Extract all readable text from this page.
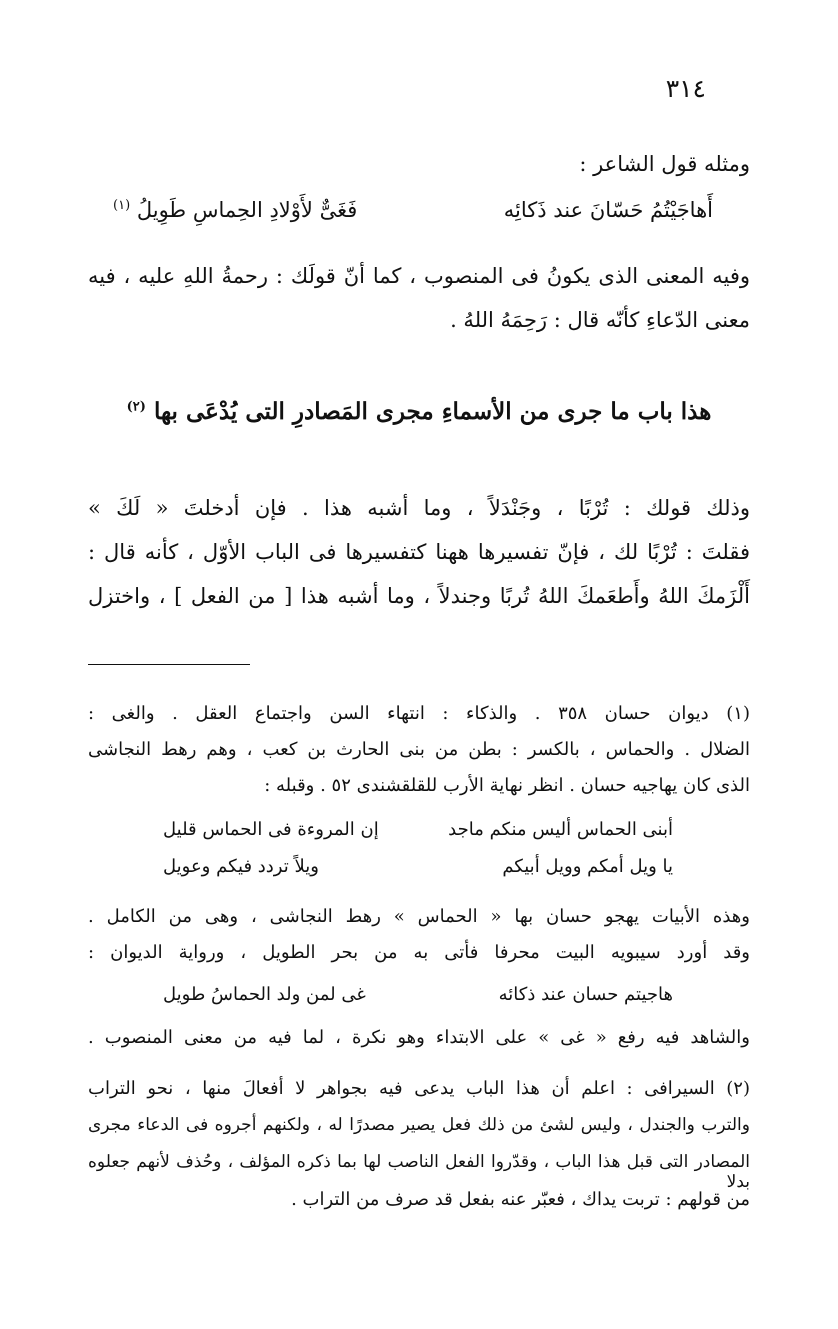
٣١٤
ومثله قول الشاعر :
أَهاجَيْتُمُ حَسّانَ عند ذَكائِه
فَغَىٌّ لأَوْلادِ الحِماسِ طَوِيلُ $^{(١)}$
وفيه المعنى الذى يكونُ فى المنصوب ، كما أنّ قولَك : رحمةُ اللهِ عليه ، فيه
معنى الدّعاءِ كأنّه قال : رَحِمَهُ اللهُ .
هذا باب ما جرى من الأسماءِ مجرى المَصادرِ التى يُدْعَى بها $^{(٢)}$
وذلك قولك : تُرْبًا ، وجَنْدَلاً ، وما أشبه هذا . فإن أدخلتَ « لَكَ »
فقلتَ : تُرْبًا لك ، فإنّ تفسيرها ههنا كتفسيرها فى الباب الأوّل ، كأنه قال :
أَلْزَمكَ اللهُ وأَطعَمكَ اللهُ تُربًا وجندلاً ، وما أشبه هذا [ من الفعل ] ، واختزل
(١) ديوان حسان ٣٥٨ . والذكاء : انتهاء السن واجتماع العقل . والغى :
الضلال . والحماس ، بالكسر : بطن من بنى الحارث بن كعب ، وهم رهط النجاشى
الذى كان يهاجيه حسان . انظر نهاية الأرب للقلقشندى ٥٢ . وقبله :
أبنى الحماس أليس منكم ماجد
إن المروءة فى الحماس قليل
يا ويل أمكم وويل أبيكم
ويلاً تردد فيكم وعويل
وهذه الأبيات يهجو حسان بها « الحماس » رهط النجاشى ، وهى من الكامل .
وقد أورد سيبويه البيت محرفا فأتى به من بحر الطويل ، ورواية الديوان :
هاجيتم حسان عند ذكائه
غى لمن ولد الحماسُ طويل
والشاهد فيه رفع « غى » على الابتداء وهو نكرة ، لما فيه من معنى المنصوب .
(٢) السيرافى : اعلم أن هذا الباب يدعى فيه بجواهر لا أفعالَ منها ، نحو التراب
والترب والجندل ، وليس لشئ من ذلك فعل يصير مصدرًا له ، ولكنهم أجروه فى الدعاء مجرى
المصادر التى قبل هذا الباب ، وقدّروا الفعل الناصب لها بما ذكره المؤلف ، وحُذف لأنهم جعلوه بدلا
من قولهم : تربت يداك ، فعبّر عنه بفعل قد صرف من التراب .
